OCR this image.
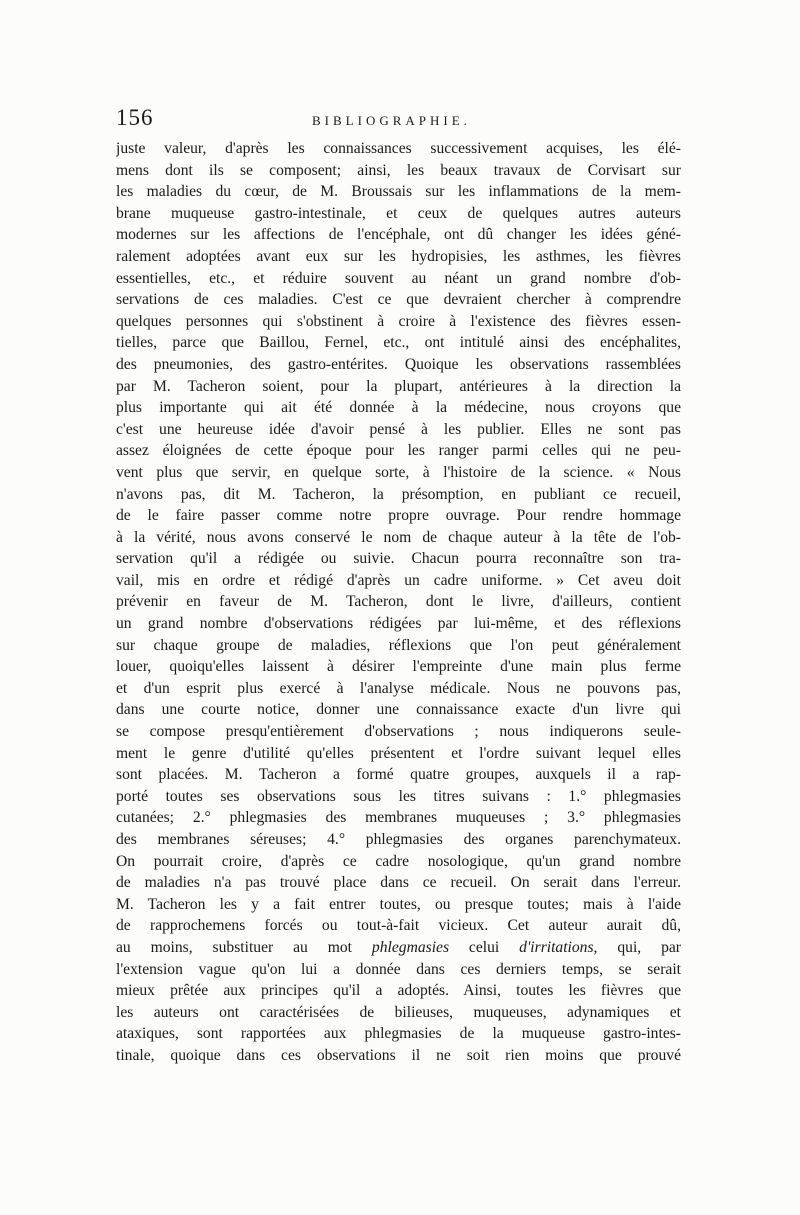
156	BIBLIOGRAPHIE.
juste valeur, d'après les connaissances successivement acquises, les élé-
mens dont ils se composent; ainsi, les beaux travaux de Corvisart sur
les maladies du cœur, de M. Broussais sur les inflammations de la mem-
brane muqueuse gastro-intestinale, et ceux de quelques autres auteurs
modernes sur les affections de l'encéphale, ont dû changer les idées géné-
ralement adoptées avant eux sur les hydropisies, les asthmes, les fièvres
essentielles, etc., et réduire souvent au néant un grand nombre d'ob-
servations de ces maladies. C'est ce que devraient chercher à comprendre
quelques personnes qui s'obstinent à croire à l'existence des fièvres essen-
tielles, parce que Baillou, Fernel, etc., ont intitulé ainsi des encéphalites,
des pneumonies, des gastro-entérites. Quoique les observations rassemblées
par M. Tacheron soient, pour la plupart, antérieures à la direction la
plus importante qui ait été donnée à la médecine, nous croyons que
c'est une heureuse idée d'avoir pensé à les publier. Elles ne sont pas
assez éloignées de cette époque pour les ranger parmi celles qui ne peu-
vent plus que servir, en quelque sorte, à l'histoire de la science. « Nous
n'avons pas, dit M. Tacheron, la présomption, en publiant ce recueil,
de le faire passer comme notre propre ouvrage. Pour rendre hommage
à la vérité, nous avons conservé le nom de chaque auteur à la tête de l'ob-
servation qu'il a rédigée ou suivie. Chacun pourra reconnaître son tra-
vail, mis en ordre et rédigé d'après un cadre uniforme. » Cet aveu doit
prévenir en faveur de M. Tacheron, dont le livre, d'ailleurs, contient
un grand nombre d'observations rédigées par lui-même, et des réflexions
sur chaque groupe de maladies, réflexions que l'on peut généralement
louer, quoiqu'elles laissent à désirer l'empreinte d'une main plus ferme
et d'un esprit plus exercé à l'analyse médicale. Nous ne pouvons pas,
dans une courte notice, donner une connaissance exacte d'un livre qui
se compose presqu'entièrement d'observations ; nous indiquerons seule-
ment le genre d'utilité qu'elles présentent et l'ordre suivant lequel elles
sont placées. M. Tacheron a formé quatre groupes, auxquels il a rap-
porté toutes ses observations sous les titres suivans : 1.° phlegmasies
cutanées; 2.° phlegmasies des membranes muqueuses ; 3.° phlegmasies
des membranes séreuses; 4.° phlegmasies des organes parenchymateux.
On pourrait croire, d'après ce cadre nosologique, qu'un grand nombre
de maladies n'a pas trouvé place dans ce recueil. On serait dans l'erreur.
M. Tacheron les y a fait entrer toutes, ou presque toutes; mais à l'aide
de rapprochemens forcés ou tout-à-fait vicieux. Cet auteur aurait dû,
au moins, substituer au mot phlegmasies celui d'irritations, qui, par
l'extension vague qu'on lui a donnée dans ces derniers temps, se serait
mieux prêtée aux principes qu'il a adoptés. Ainsi, toutes les fièvres que
les auteurs ont caractérisées de bilieuses, muqueuses, adynamiques et
ataxiques, sont rapportées aux phlegmasies de la muqueuse gastro-intes-
tinale, quoique dans ces observations il ne soit rien moins que prouvé
